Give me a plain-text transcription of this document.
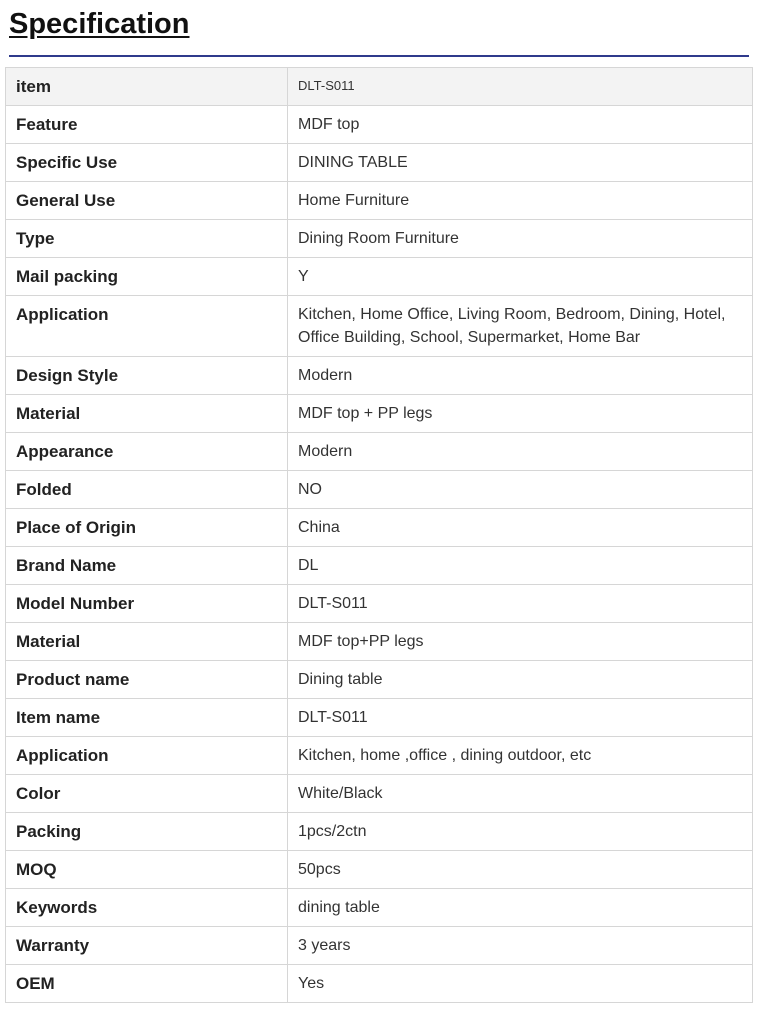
Specification
item	DLT-S011
Feature	MDF top
Specific Use	DINING TABLE
General Use	Home Furniture
Type	Dining Room Furniture
Mail packing	Y
Application	Kitchen, Home Office, Living Room, Bedroom, Dining, Hotel, Office Building, School, Supermarket, Home Bar
Design Style	Modern
Material	MDF top + PP legs
Appearance	Modern
Folded	NO
Place of Origin	China
Brand Name	DL
Model Number	DLT-S011
Material	MDF top+PP legs
Product name	Dining table
Item name	DLT-S011
Application	Kitchen, home ,office , dining outdoor, etc
Color	White/Black
Packing	1pcs/2ctn
MOQ	50pcs
Keywords	dining table
Warranty	3 years
OEM	Yes
